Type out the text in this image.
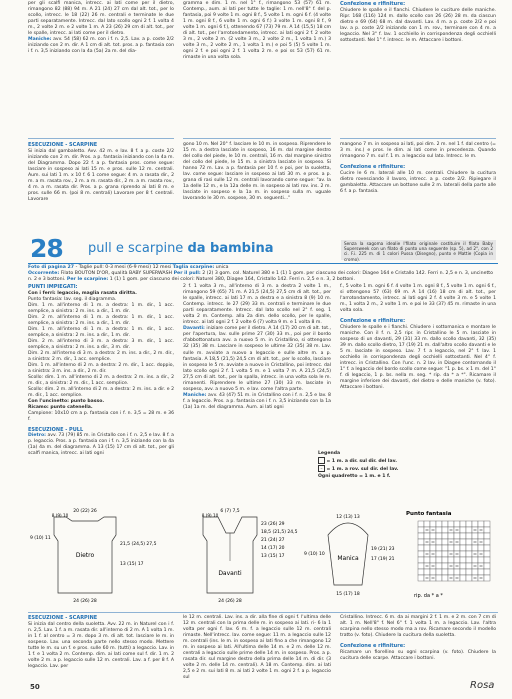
per gli scalfi manica, intrecc. ai lati come per il dietro, rimangono 82 (88) 94 m. A 21 (24) 27 cm dal alt. tot., per lo scollo, intrecc. le 18 (22) 26 m. centrali e terminate le due parti separatamente. Intrecc. dal lato scollo ogni 2 f. 1 volta 4 m., 2 volte 2 m. e 2 volte 1 m. A 23 (26) 29 cm di alt. tot., per le spalle, intrecc. ai lati come per il dietro.

Maniche: avv. 54 (58) 62 m. con i f. n. 2,5. Lav. a p. coste 2/2 iniziando con 2 m. dir. A 1 cm di alt. tot. pros. a p. fantasia con i f. n. 3,5 iniziando con la 4a (5a) 2a m. del dia-

ESECUZIONE - SCARPINE

Si inizia dal gambaletto. Avv. 42 m. e lav. 8 f. a p. coste 2/2 iniziando con 2 m. dir. Pros. a p. fantasia iniziando con la 4a m. del Diagramma. Dopo 22 f. a p. fantasia pros. come segue: lasciare in sospeso ai lati 15 m. e pros. sulle 12 m. centrali. Aum. sui lati 1 m. x 10 f. 6 1 come segue: 4 m. a rasata dir., 2 m. a m. rasata rov., 2 m. a m. rasata dir., 2 m. a m. rasata rov., 4 m. a m. rasata dir. Pros. a p. grana riprendo ai lati 8 m. e pros. sulle 66 m. (poi 8 m. centrali) Lavorare per 8 f. centrali. Lavorare

gramma e dim. 1 m. nel 1° f., rimangono 53 (57) 61 m. Contemp., aum. ai lati per tutte le taglie: 1 m. nell'8° f. del p. fantasia, poi 9 volte 1 m. ogni 8 f., 5 volte 1 m. ogni 6 f. (4 volte 1 m. ogni 8 f., 6 volte 1 m. ogni 6 f.) 3 volte 1 m. ogni 8 f., 9 volte 1 m. ogni 6 f.), ottenendo 67 (73) 79 m. A 14 (15,5) 18 cm di alt. tot., per l'arrotondamento, intrecc. ai lati ogni 2 f. 2 volte 3 m., 2 volte 2 m. (2 volte 3 m., 2 volte 2 m., 1 volta 1 m.) 3 volte 3 m., 2 volte 2 m., 1 volta 1 m.) e poi 5 (5) 5 volte 1 m. ogni 2 f. e poi ogni 2 f. 1 volta 2 m. e poi ss 53 (57) 61 m. rimaste in una volta sola.

gono 10 m. Nel 20° f. lasciare le 10 m. in sospeso. Riprendere le 15 m. a destra lasciate in sospeso, 16 m. dal margine destro del collo del piede, le 10 m. centrali, 16 m. dal margine sinistro del collo del piede, le 15 m. a sinistra lasciate in sospeso. Si hanno 72 m. Lav. a p. fantasia per 10 f. e poi, per la suoletta, lav. come segue: lasciare in sospeso ai lati 30 m. e pros. a p. grana di rasi sulle 12 m. centrali lavorando come segue: "av. la 1a delle 12 m., e la 12a delle m. in sospeso ai lati rov. ins. 2 m. lasciate in sospeso e la 1a m. in sospeso sulla m. uguale lavorando le 30 m. sospese, 30 m. seguenti..."

Confezione e rifiniture:

Chiudere le spalle e il fianchi. Chiudere le cuciture delle maniche. Ripr. 168 (116) 124 m. dallo scollo con 26 (26) 28 m. da ciascun dietro e 69 (64) 68 m. dal davanti. Lav. 4 m. a p. coste 2/2 e poi lav. a p. coste 2/2 iniziando con 1 m. rov., terminare con 4 m. a legaccio. Nel 3° f. lav. 1 occhiello in corrispondenza degli occhielli sottostanti. Nel 1° f. intrecc. le m. Attaccare i bottoni.

mangono 7 m. in sospeso ai lati, poi dim. 2 m. nel 1 f. dal centro (= 3 m. ins.) e pros. le dim. ai lati come in precedenza. Quando rimangono 7 m. sul f. 1 m. a legaccio sul lato. Intrecc. le m.

Confezione e rifiniture:

Cucire le 6 m. laterali alle 10 m. centrali. Chiudere la cucitura dietro rovesciando il lavoro, intrecc. a p. coste 2/2. Ripiegare il gambaletto. Attaccare un bottone sulle 2 m. laterali della parte alle 6 f. a p. fantasia.

28 pull e scarpine da bambina	Senza la sagoma idealie l'filato originale costituire il filato Baby Supersweek con un filato di punto una seguente (sp. 5), ad 2°, con 2 ci. F.i. 225 m. di 1 colori Pussa (Disegno), punto e Mattie (Copia in cromo).

Foto di pagina 27 - Taglie pull: 0-3 mesi (6-9 mesi) 12 mesi Taglia scarpine: unica

Occorrente: Filato BOUTON D'OR, qualità BABY SUPERWASH Per il pull: 2 (2) 3 gom. col. Naturel 380 e 1 (1) 1 gom. per ciascuno dei colori: Diagee 164 e Cristallo 142. Ferri n. 2,5 e n. 3, uncinetto n. 2 e 3 bottoni. Per le scarpine: 1 (1) 1 gom. per ciascuno dei colori: Naturel 380, Diagee 164, Cristallo 142. Ferri n. 2,5 e n. 3, 2 bottoni.

PUNTI IMPIEGATI:

Con i ferri: legaccio, maglia rasata diritta.

Punto fantasia: lav. seg. il diagramma.

Dim. 1 m. all'interno di 1 m. a destra: 1 m. dir., 1 acc. semplice, a sinistra: 2 m. ins. a dir., 1 m. dir.

Dim. 2 m. all'interno di 1 m. a destra: 1 m. dir., 1 acc. semplice, a sinistra: 2 m. ins. a dir., 1 m. dir.

Dim. 1 m. all'interno di 1 m. a destra: 1 m. dir., 1 acc. semplice, a sinistra: 2 m. ins. a dir., 1 m. dir.

Dim. 2 m. all'interno di 3 m. a destra: 3 m. dir., 1 acc. semplice, a sinistra: 2 m. ins. a dir., 3 m. dir.

Dim. 2 m. all'interno di 3 m. a destra: 2 m. ins. a dir., 2 m. dir., a sinistra: 2 m. dir., 1 acc. semplice.

Dim. 1 m. all'interno di 2 m. a destra: 2 m. dir., 1 acc. doppio, a sinistra: 3 m. ins. a dir., 2 m. dir.

Scollo: dim. 1 m. all'interno di 2 m. a destra: 2 m. ins. a dir., 2 m. dir., a sinistra: 2 m. dir., 1 acc. semplice.

Scollo: dim. 2 m. all'interno di 2 m. a destra: 2 m. ins. a dir. e 2 m. dir., 1 acc. semplice.

Con l'uncinetto: punto basso.

Ricamo: punto catenella.

Campione: 10x10 cm a p. fantasia con i f. n. 3,5 = 28 m. e 36 f.

ESECUZIONE - PULL

Dietro: avv. 73 (79) 85 m. in Cristallo con i f. n. 2,5 e lav. 8 f. a p. legaccio. Pros. a p. fantasia con i f. n. 3,5 iniziando con la 4a (1a) 4a m. del diagramma. A 13 (15) 17 cm di alt. tot., per gli scalfi manica, intrecc. ai lati ogni

2 f. 1 volta 3 m., all'interno di 3 m. a destra 2 volte 1 m., rimangono 59 (65) 71 m. A 21,5 (24,5) 27,5 cm di alt. tot., per le spalle, intrecc. ai lati 17 m. a destra e a sinistra 8 (9) 10 m. Contemp. intrecc. le 27 (29) 33 m. centrali e terminare le due parti separatamente. Intrecc. dal lato scollo nel 2° f. seg. 1 volta 2 m. Contemp. alla 2a dim. dello scollo, per le spalle, intrecc. ai lati ogni 2 f. 2 volte 6 (7) volta 9 m. e 1 volta 8 m.

Davanti: iniziare come per il dietro. A 14 (17) 20 cm di alt. tot., per l'apertura, lav. sulle prime 27 (30) 33 m., poi per il bordo d'abbottonatura avv. a nuovo 5 m. in Cristallino, si ottengono 32 (35) 38 m. Lasciare in sospeso le ultime 32 (35) 38 m. Lav. sulle m. avviate a nuovo a legaccio e sulle altre m. a p. fantasia. A 18,5 (21,5) 24,5 cm di alt. tot., per lo scollo, lasciare in sospeso le 5 m. avviate a nuovo in Cristallino, poi intrecc. dal lato scollo ogni 2 f. 1 volta 5 m. e 1 volta 7 m. A 21,5 (24,5) 27,5 cm di alt. tot., per la spalla, intrecc. in una volta sola le m. rimanenti. Riprendere le ultime 27 (30) 33 m. lasciate in sospeso, avv. a nuovo 5 m. e lav. come l'altra parte.

Maniche: avv. 43 (47) 51 m. in Cristallino con i f. n. 2,5 e lav. 8 f. a legaccio. Pros. a p. fantasia con i f. n. 3,5 iniziando con la 1a (1a) 1a m. del diagramma. Aum. ai lati ogni

f., 5 volte 1 m. ogni 6 f. 4 volte 1 m. ogni 8 f., 5 volte 1 m. ogni 6 f., si ottengono 57 (63) 69 m. A 14 (16) 18 cm di alt. tot., per l'arrotondamento, intrecc. ai lati ogni 2 f. 4 volte 3 m. e 5 volte 1 m., 1 volta 2 m., 2 volte 1 m. e poi le 33 (37) 45 m. rimaste in una volta sola.

Confezione e rifiniture:

Chiudere le spalle e i fianchi. Chiudere i sottomanica e montare le maniche. Con il f. n. 2,5 ripr. in Cristallino le 5 m. lasciate in sospeso di un davanti, 29 (31) 33 m. dallo scollo davanti, 32 (35) 39 m. dallo scollo dietro, 17 (19) 21 m. dall'altro scollo davanti e le 5 m. lasciate in sospeso. Lav. 7 f. a legaccio, nel 2° f. lav. 1 occhiello in corrispondenza degli occhielli sottostanti. Nel 4° f. intrecc. in Cristallino. Con l'unc. n. 2 lav. in Diagee contornando il 1° f. a legaccio del bordo scollo come segue: "1 p. bs. x 1 m. del 1° f. di legaccio, 1 p. bs. nella m. seg. * rip. da * a *". Ricamare il margine inferiore dei davanti, del dietro e delle maniche (v. foto). Attaccare i bottoni.

Dietro
20 (22) 26
8 (9) 10
9 (10) 11
21,5 (24,5) 27,5
13 (15) 17
24 (26) 28
Davanti
6 (7) 7,5
8 (9) 10
23 (26) 29
18,5 (21,5) 24,5
21 (24) 27
14 (17) 20
13 (15) 17
24 (26) 28
Manica
12 (13) 13
9 (10) 10
19 (21) 23
17 (19) 21
15 (17) 18
Punto fantasia
rip. da * a *
Legenda
= 1 m. a dir. sul dir. del lav.
– = 1 m. a rov. sul dir. del lav.
Ogni quadretto = 1 m. e 1 f.

ESECUZIONE - SCARPINE

Si inizia dal centro della suoletta. Avv. 22 m. in Naturel con i f. n. 2,5. Lav. 1 f. a m. rasata dir. all'interno di 2 m. A 1 volta 1 m. in 1 f. al centro = 3 m. dopo 3 m. di alt. tot. lasciare le m. in sospeso. Lav. una seconda parte nello stesso modo. Mettere tutte le m. su un f. e pros. sulle 60 m. (tutti) a legaccio. Lav. in 1 f. e 1 volta 2 m. Contemp. dim. ai lati come sul f. dir. 1 m. 2 volte 2 m. a p. legaccio sulle 12 m. centrali. Lav. a f. per 8 f. A legaccio. Lav. per

le 12 m. centrali. Lav. ins. a dir. alla fine di ogni f. l'ultima delle 12 m. centrali con la prima delle m. in sospeso ai lati. ri- 6 la 1 volta per ogni f. lav. 6 m. f. a legaccio sulle 12 m. centrali rimaste. Nell'intrecc. lav. come segue: 11 m. a legaccio sulle 12 m. centrali (ins. le m. in sospeso ai lati fino a che rimangono 12 m. in sospeso ai lati. All'ultima delle 14 m. e 2 m. delle 12 m. centrali a legaccio sulle prime delle 14 m. in sospeso. Pros. a p. rasata dir. sul margine destro della prima delle 14 m. di dir. (3 volte 2 m. delle 14 m. centrali). A 18 m. Contemp. dim. ai lati 2,5 e 2 m. sui lati 8 m. ai lati 2 volte 1 m. ogni 2 f. a p. legaccio sul

Cristallino. Intrecc. 6 m. da ai margini 2 f. 1 m. e 2 m. con 7 cm di alt. 1 m. Nell'8° f. Nel 6° f. 1 volta 1 m. a legaccio. Lav. l'altra scarpina nello stesso modo ma a rov. Ricamare secondo il modello tratto (v. foto). Chiudere la cucitura della suoletta.

Confezione e rifiniture:

Ricamare un fiorellino su ogni scarpina (v. foto). Chiudere la cucitura delle scarpe. Attaccare i bottoni.

50	Rosa
